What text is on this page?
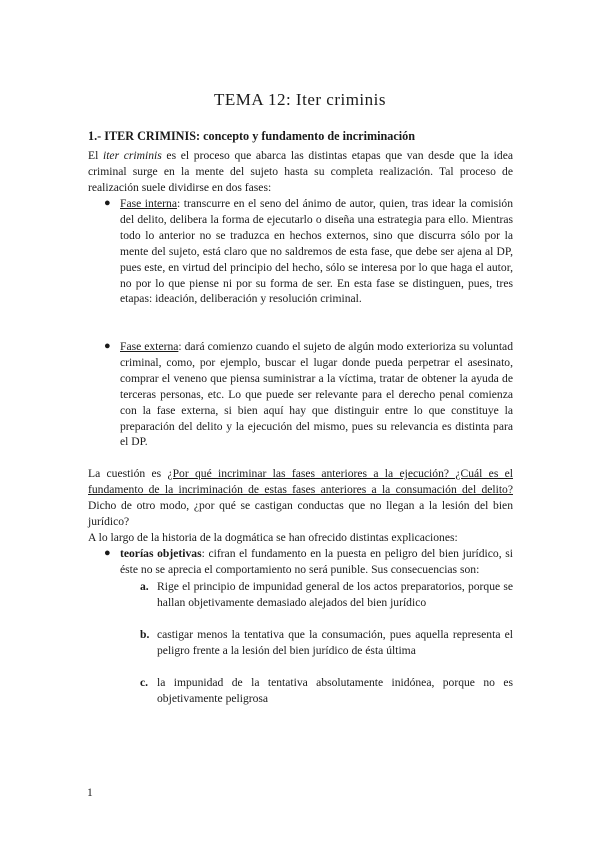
TEMA 12: Iter criminis
1.- ITER CRIMINIS: concepto y fundamento de incriminación

El iter criminis es el proceso que abarca las distintas etapas que van desde que la idea criminal surge en la mente del sujeto hasta su completa realización. Tal proceso de realización suele dividirse en dos fases:

● Fase interna: transcurre en el seno del ánimo de autor, quien, tras idear la comisión del delito, delibera la forma de ejecutarlo o diseña una estrategia para ello. Mientras todo lo anterior no se traduzca en hechos externos, sino que discurra sólo por la mente del sujeto, está claro que no saldremos de esta fase, que debe ser ajena al DP, pues este, en virtud del principio del hecho, sólo se interesa por lo que haga el autor, no por lo que piense ni por su forma de ser. En esta fase se distinguen, pues, tres etapas: ideación, deliberación y resolución criminal.

● Fase externa: dará comienzo cuando el sujeto de algún modo exterioriza su voluntad criminal, como, por ejemplo, buscar el lugar donde pueda perpetrar el asesinato, comprar el veneno que piensa suministrar a la víctima, tratar de obtener la ayuda de terceras personas, etc. Lo que puede ser relevante para el derecho penal comienza con la fase externa, si bien aquí hay que distinguir entre lo que constituye la preparación del delito y la ejecución del mismo, pues su relevancia es distinta para el DP.

La cuestión es ¿Por qué incriminar las fases anteriores a la ejecución? ¿Cuál es el fundamento de la incriminación de estas fases anteriores a la consumación del delito? Dicho de otro modo, ¿por qué se castigan conductas que no llegan a la lesión del bien jurídico?

A lo largo de la historia de la dogmática se han ofrecido distintas explicaciones:

● teorías objetivas: cifran el fundamento en la puesta en peligro del bien jurídico, si éste no se aprecia el comportamiento no será punible. Sus consecuencias son:

a. Rige el principio de impunidad general de los actos preparatorios, porque se hallan objetivamente demasiado alejados del bien jurídico

b. castigar menos la tentativa que la consumación, pues aquella representa el peligro frente a la lesión del bien jurídico de ésta última

c. la impunidad de la tentativa absolutamente inidónea, porque no es objetivamente peligrosa

1
